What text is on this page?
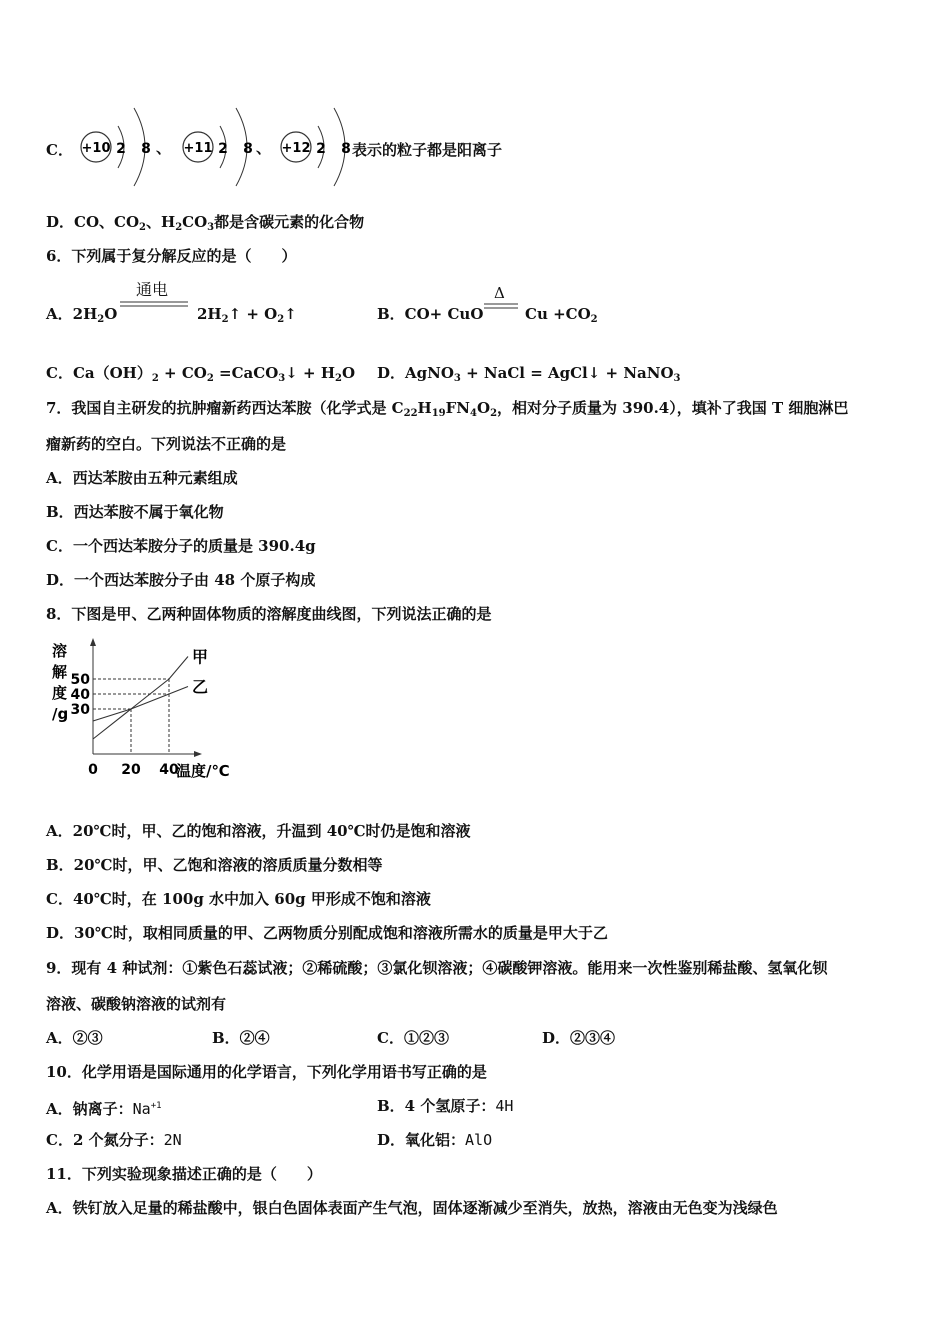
C． +10 2 8 、 +11 2 8 、 +12 2 8 表示的粒子都是阳离子
D．CO、$CO_2$、$H_2CO_3$都是含碳元素的化合物
6．下列属于复分解反应的是（　　）
A．$2H_2O$
通电
$2H_2↑$ + $O_2↑$	B．CO+ CuO
Δ
$Cu +CO_2$
C．$Ca(OH)_2 + CO_2$ =CaCO$_3$↓ + $H_2O$ D．AgNO$_3$ + NaCl = AgCl↓ + NaNO$_3$
7．我国自主研发的抗肿瘤新药西达苯胺（化学式是 $C_{22}H_{19}FN_4O_2$，相对分子质量为 390.4），填补了我国 T 细胞淋巴
瘤新药的空白。下列说法不正确的是
A．西达苯胺由五种元素组成
B．西达苯胺不属于氧化物
C．一个西达苯胺分子的质量是 390.4g
D．一个西达苯胺分子由 48 个原子构成
8．下图是甲、乙两种固体物质的溶解度曲线图，下列说法正确的是
溶
解
度
/g
甲
乙
0 20 40
50
40
30
温度/℃
A．20℃时，甲、乙的饱和溶液，升温到 40℃时仍是饱和溶液
B．20℃时，甲、乙饱和溶液的溶质质量分数相等
C．40℃时，在 100g 水中加入 60g 甲形成不饱和溶液
D．30℃时，取相同质量的甲、乙两物质分别配成饱和溶液所需水的质量是甲大于乙
9．现有 4 种试剂：①紫色石蕊试液；②稀硫酸；③氯化钡溶液；④碳酸钾溶液。能用来一次性鉴别稀盐酸、氢氧化钡
溶液、碳酸钠溶液的试剂有
A．②③	B．②④	C．①②③	D．②③④
10．化学用语是国际通用的化学语言，下列化学用语书写正确的是
A．钠离子：$Na^{+1}$	B．4 个氢原子：4H
C．2 个氮分子：2N	D．氧化铝：AlO
11．下列实验现象描述正确的是（　　）
A．铁钉放入足量的稀盐酸中，银白色固体表面产生气泡，固体逐渐减少至消失，放热，溶液由无色变为浅绿色
